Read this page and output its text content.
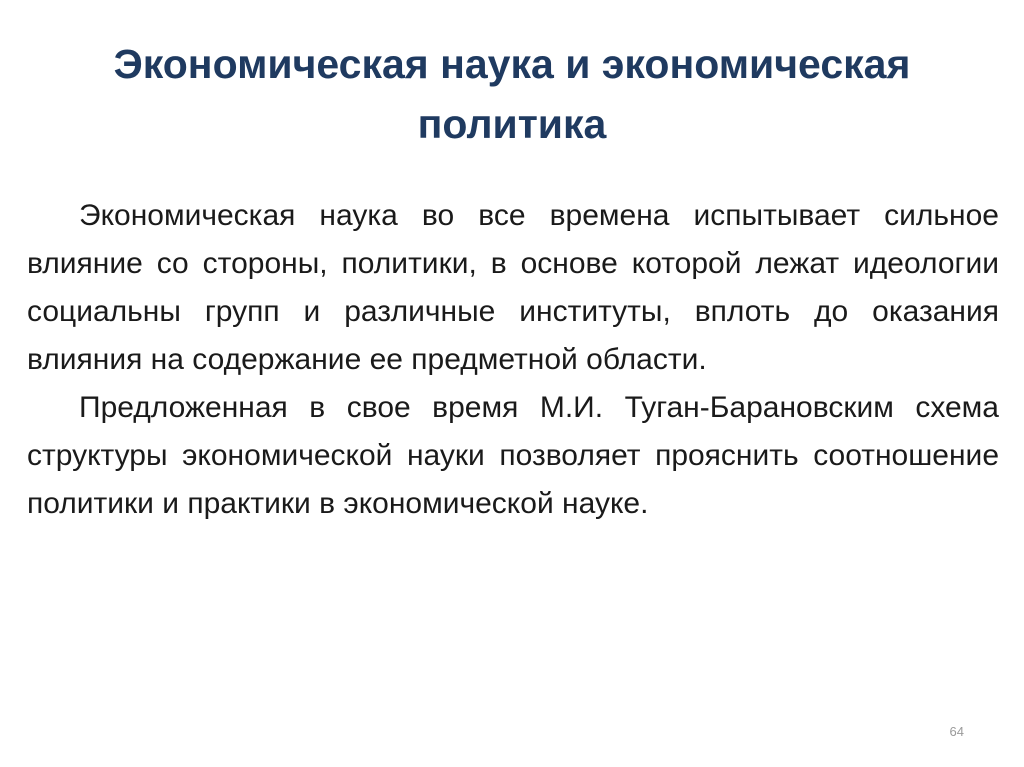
Экономическая наука и экономическая
политика

Экономическая наука во все времена испытывает сильное влияние со стороны, политики, в основе которой лежат идеологии социальны групп и различные институты, вплоть до оказания влияния на содержание ее предметной области.

Предложенная в свое время М.И. Туган-Барановским схема структуры экономической науки позволяет прояснить соотношение политики и практики в экономической науке.

64
